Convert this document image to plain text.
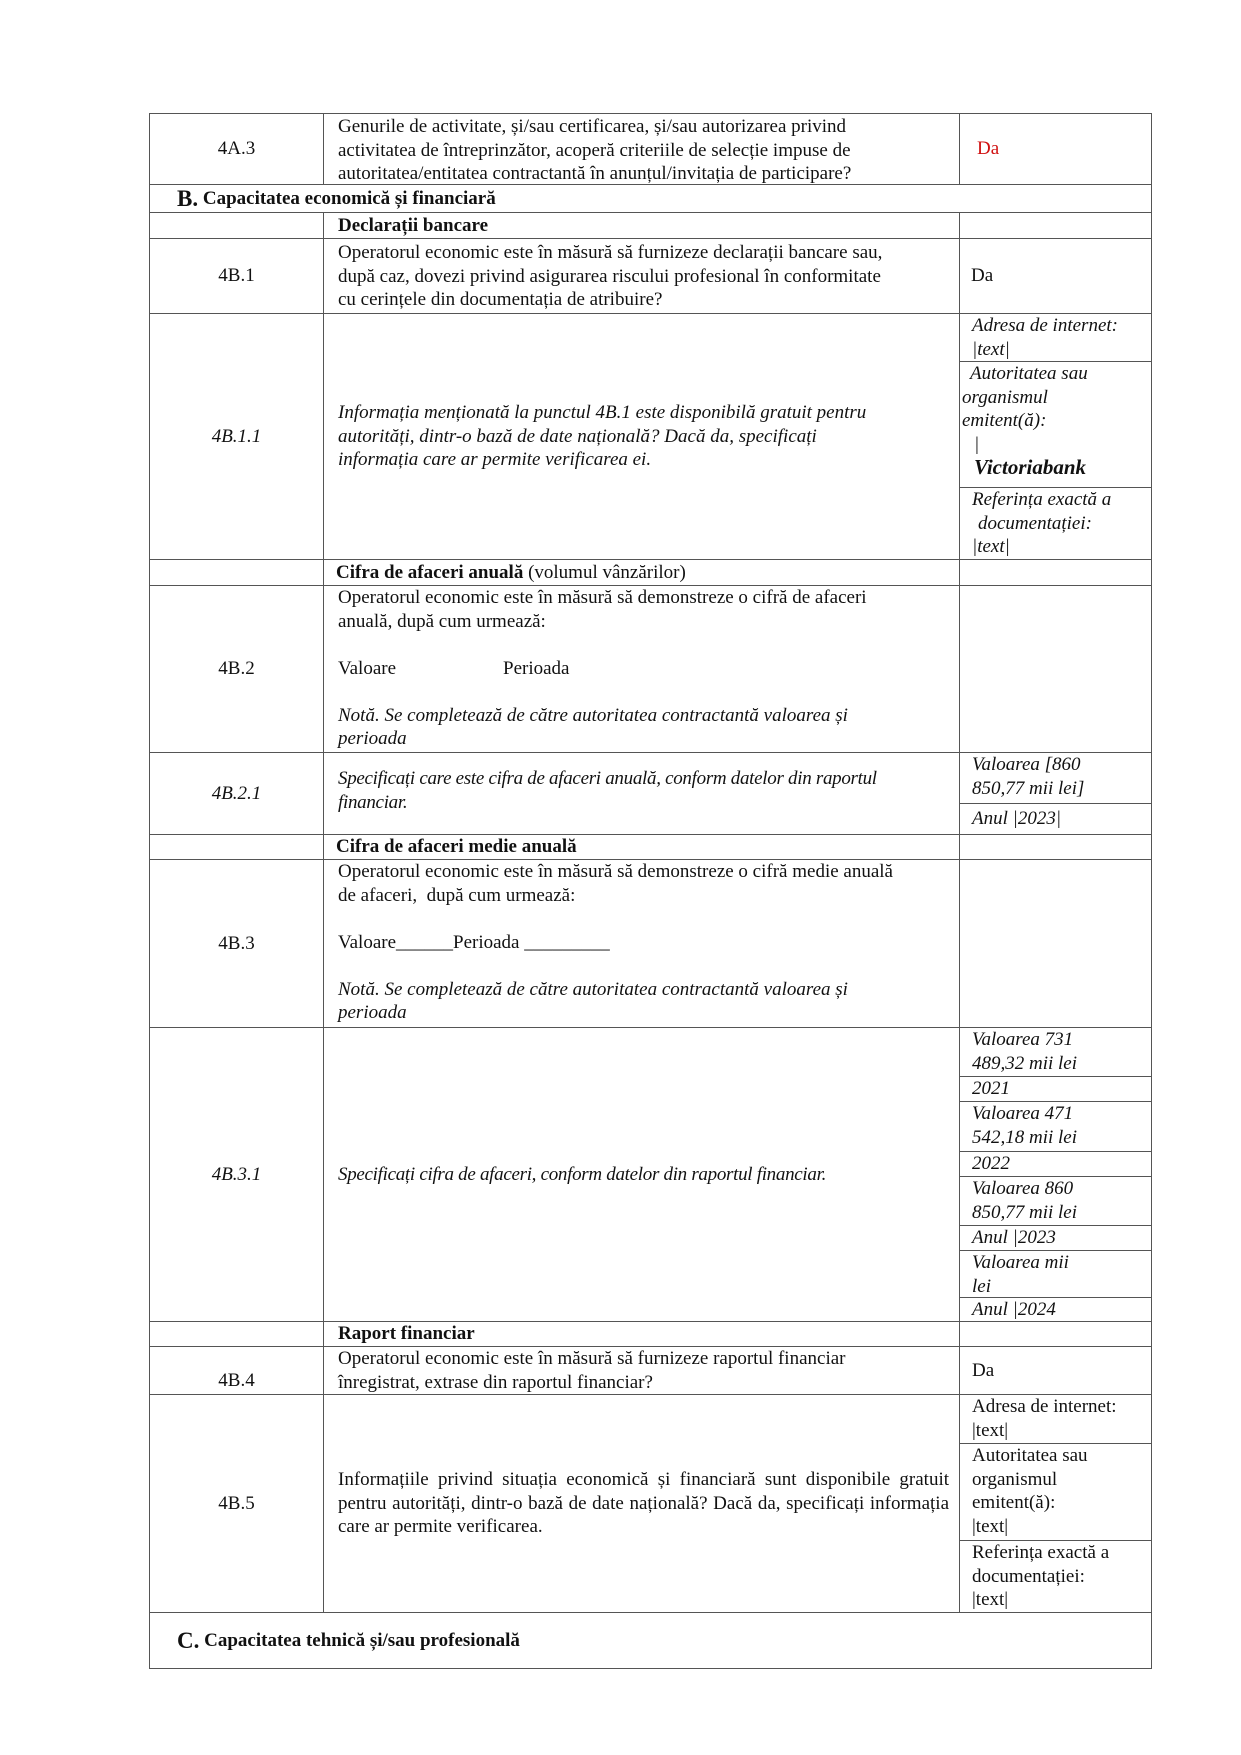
4A.3
Genurile de activitate, și/sau certificarea, și/sau autorizarea privind
activitatea de întreprinzător, acoperă criteriile de selecție impuse de
autoritatea/entitatea contractantă în anunțul/invitația de participare?
Da
B.
Capacitatea economică și financiară
Declarații bancare
4B.1
Operatorul economic este în măsură să furnizeze declarații bancare sau,
după caz, dovezi privind asigurarea riscului profesional în conformitate
cu cerințele din documentația de atribuire?
Da
4B.1.1
Informația menționată la punctul 4B.1 este disponibilă gratuit pentru
autorități, dintr-o bază de date națională? Dacă da, specificați
informația care ar permite verificarea ei.
Adresa de internet:
|text|
Autoritatea sau
organismul
emitent(ă):
|
Victoriabank
Referința exactă a
documentației:
|text|
Cifra de afaceri anuală (volumul vânzărilor)
4B.2
Operatorul economic este în măsură să demonstreze o cifră de afaceri
anuală, după cum urmează:
Valoare	Perioada
Notă. Se completează de către autoritatea contractantă valoarea și
perioada
4B.2.1
Specificați care este cifra de afaceri anuală, conform datelor din raportul
financiar.
Valoarea [860
850,77 mii lei]
Anul |2023|
Cifra de afaceri medie anuală
4B.3
Operatorul economic este în măsură să demonstreze o cifră medie anuală
de afaceri,  după cum urmează:
Valoare______Perioada _________
Notă. Se completează de către autoritatea contractantă valoarea și
perioada
4B.3.1	Specificați cifra de afaceri, conform datelor din raportul financiar.
Valoarea 731
489,32 mii lei
2021
Valoarea 471
542,18 mii lei
2022
Valoarea 860
850,77 mii lei
Anul |2023
Valoarea mii
lei
Anul |2024
Raport financiar
4B.4
Operatorul economic este în măsură să furnizeze raportul financiar
înregistrat, extrase din raportul financiar?
Da
4B.5
Informațiile privind situația economică și financiară sunt disponibile gratuit pentru autorități, dintr-o bază de date națională? Dacă da, specificați informația care ar permite verificarea.
Adresa de internet:
|text|
Autoritatea sau
organismul
emitent(ă):
|text|
Referința exactă a
documentației:
|text|
C.
Capacitatea tehnică și/sau profesională
